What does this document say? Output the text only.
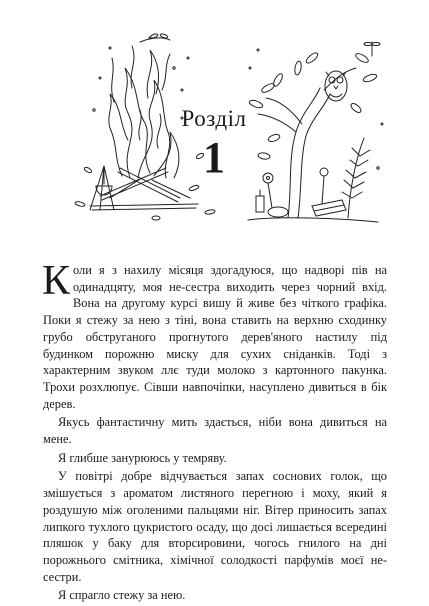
Розділ
1

Коли я з нахилу місяця здогадуюся, що надворі пів на одинадцяту, моя не-сестра виходить через чорний вхід. Вона на другому курсі вишу й живе без чіткого графіка. Поки я стежу за нею з тіні, вона ставить на верхню сходинку грубо обструганого прогнутого дерев'яного настилу під будинком порожню миску для сухих сніданків. Тоді з характерним звуком ллє туди молоко з картонного пакунка. Трохи розхлюпує. Сівши навпочіпки, насуплено дивиться в бік дерев.

Якусь фантастичну мить здається, ніби вона дивиться на мене.

Я глибше занурююсь у темряву.

У повітрі добре відчувається запах соснових голок, що змішується з ароматом листяного перегною і моху, який я роздушую між оголеними пальцями ніг. Вітер приносить запах липкого тухлого цукристого осаду, що досі лишається всередині пляшок у баку для вторсировини, чогось гнилого на дні порожнього смітника, хімічної солодкості парфумів моєї не-сестри.

Я спрагло стежу за нею.
